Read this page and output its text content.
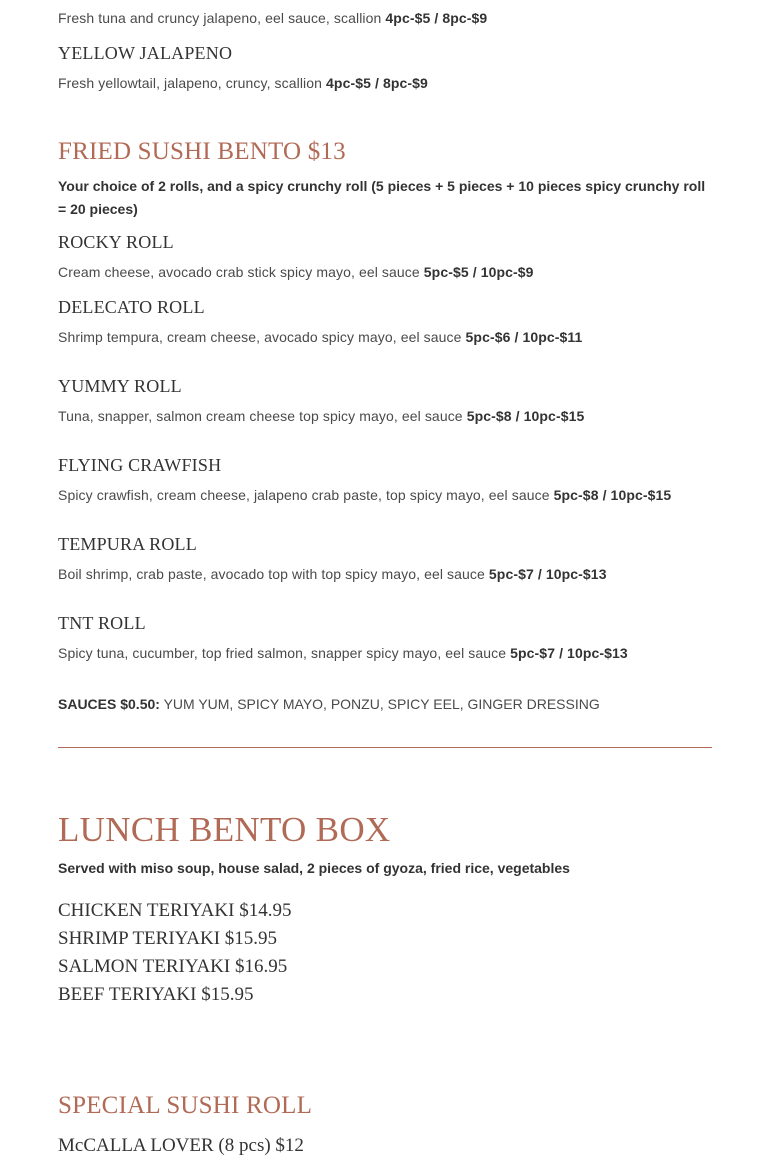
Fresh tuna and cruncy jalapeno, eel sauce, scallion 4pc-$5 / 8pc-$9
YELLOW JALAPENO
Fresh yellowtail, jalapeno, cruncy, scallion 4pc-$5 / 8pc-$9
FRIED SUSHI BENTO $13
Your choice of 2 rolls, and a spicy crunchy roll (5 pieces + 5 pieces + 10 pieces spicy crunchy roll = 20 pieces)
ROCKY ROLL
Cream cheese, avocado crab stick spicy mayo, eel sauce 5pc-$5 / 10pc-$9
DELECATO ROLL
Shrimp tempura, cream cheese, avocado spicy mayo, eel sauce 5pc-$6 / 10pc-$11
YUMMY ROLL
Tuna, snapper, salmon cream cheese top spicy mayo, eel sauce 5pc-$8 / 10pc-$15
FLYING CRAWFISH
Spicy crawfish, cream cheese, jalapeno crab paste, top spicy mayo, eel sauce 5pc-$8 / 10pc-$15
TEMPURA ROLL
Boil shrimp, crab paste, avocado top with top spicy mayo, eel sauce 5pc-$7 / 10pc-$13
TNT ROLL
Spicy tuna, cucumber, top fried salmon, snapper spicy mayo, eel sauce 5pc-$7 / 10pc-$13
SAUCES $0.50: YUM YUM, SPICY MAYO, PONZU, SPICY EEL, GINGER DRESSING
LUNCH BENTO BOX
Served with miso soup, house salad, 2 pieces of gyoza, fried rice, vegetables
CHICKEN TERIYAKI $14.95
SHRIMP TERIYAKI $15.95
SALMON TERIYAKI $16.95
BEEF TERIYAKI $15.95
SPECIAL SUSHI ROLL
McCALLA LOVER (8 pcs) $12
